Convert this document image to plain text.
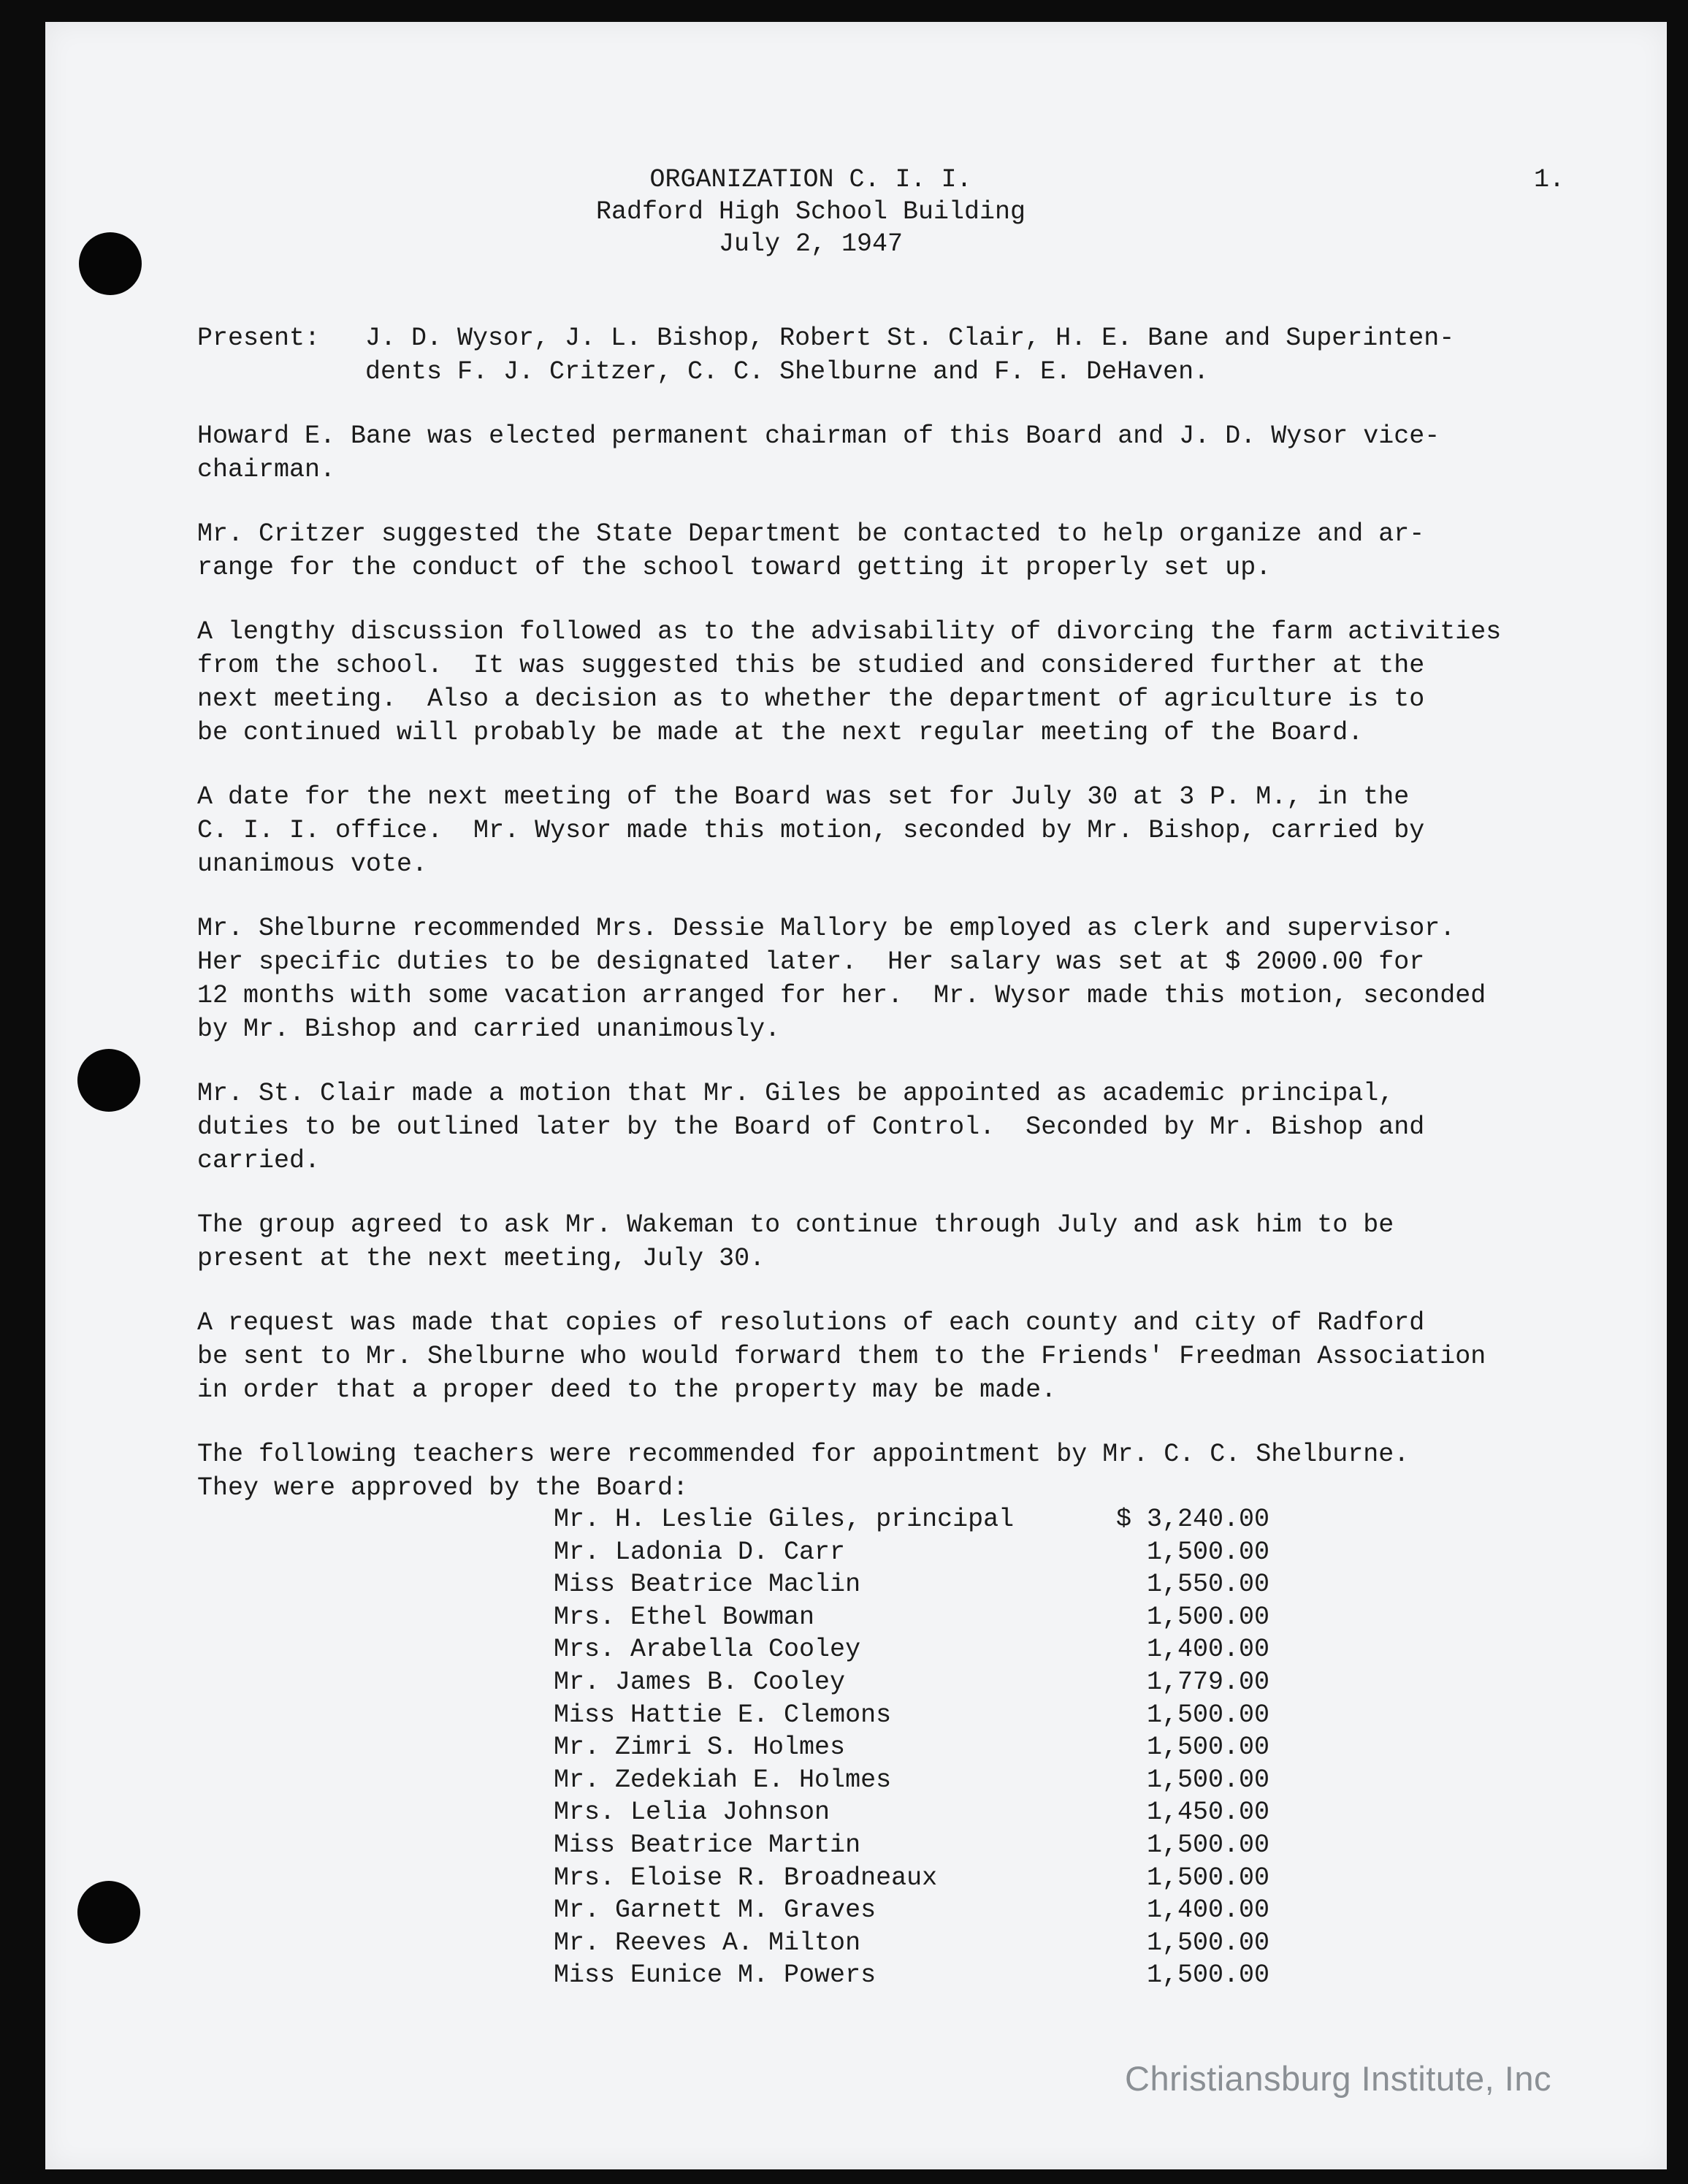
ORGANIZATION C. I. I.
Radford High School Building
July 2, 1947
1.
Present:	J. D. Wysor, J. L. Bishop, Robert St. Clair, H. E. Bane and Superinten-
dents F. J. Critzer, C. C. Shelburne and F. E. DeHaven.

Howard E. Bane was elected permanent chairman of this Board and J. D. Wysor vice-
chairman.

Mr. Critzer suggested the State Department be contacted to help organize and ar-
range for the conduct of the school toward getting it properly set up.

A lengthy discussion followed as to the advisability of divorcing the farm activities
from the school.  It was suggested this be studied and considered further at the
next meeting.  Also a decision as to whether the department of agriculture is to
be continued will probably be made at the next regular meeting of the Board.

A date for the next meeting of the Board was set for July 30 at 3 P. M., in the
C. I. I. office.  Mr. Wysor made this motion, seconded by Mr. Bishop, carried by
unanimous vote.

Mr. Shelburne recommended Mrs. Dessie Mallory be employed as clerk and supervisor.
Her specific duties to be designated later.  Her salary was set at $ 2000.00 for
12 months with some vacation arranged for her.  Mr. Wysor made this motion, seconded
by Mr. Bishop and carried unanimously.

Mr. St. Clair made a motion that Mr. Giles be appointed as academic principal,
duties to be outlined later by the Board of Control.  Seconded by Mr. Bishop and
carried.

The group agreed to ask Mr. Wakeman to continue through July and ask him to be
present at the next meeting, July 30.

A request was made that copies of resolutions of each county and city of Radford
be sent to Mr. Shelburne who would forward them to the Friends' Freedman Association
in order that a proper deed to the property may be made.

The following teachers were recommended for appointment by Mr. C. C. Shelburne.
They were approved by the Board:

Mr. H. Leslie Giles, principal	$ 3,240.00
Mr. Ladonia D. Carr	1,500.00
Miss Beatrice Maclin	1,550.00
Mrs. Ethel Bowman	1,500.00
Mrs. Arabella Cooley	1,400.00
Mr. James B. Cooley	1,779.00
Miss Hattie E. Clemons	1,500.00
Mr. Zimri S. Holmes	1,500.00
Mr. Zedekiah E. Holmes	1,500.00
Mrs. Lelia Johnson	1,450.00
Miss Beatrice Martin	1,500.00
Mrs. Eloise R. Broadneaux	1,500.00
Mr. Garnett M. Graves	1,400.00
Mr. Reeves A. Milton	1,500.00
Miss Eunice M. Powers	1,500.00
Christiansburg Institute, Inc
